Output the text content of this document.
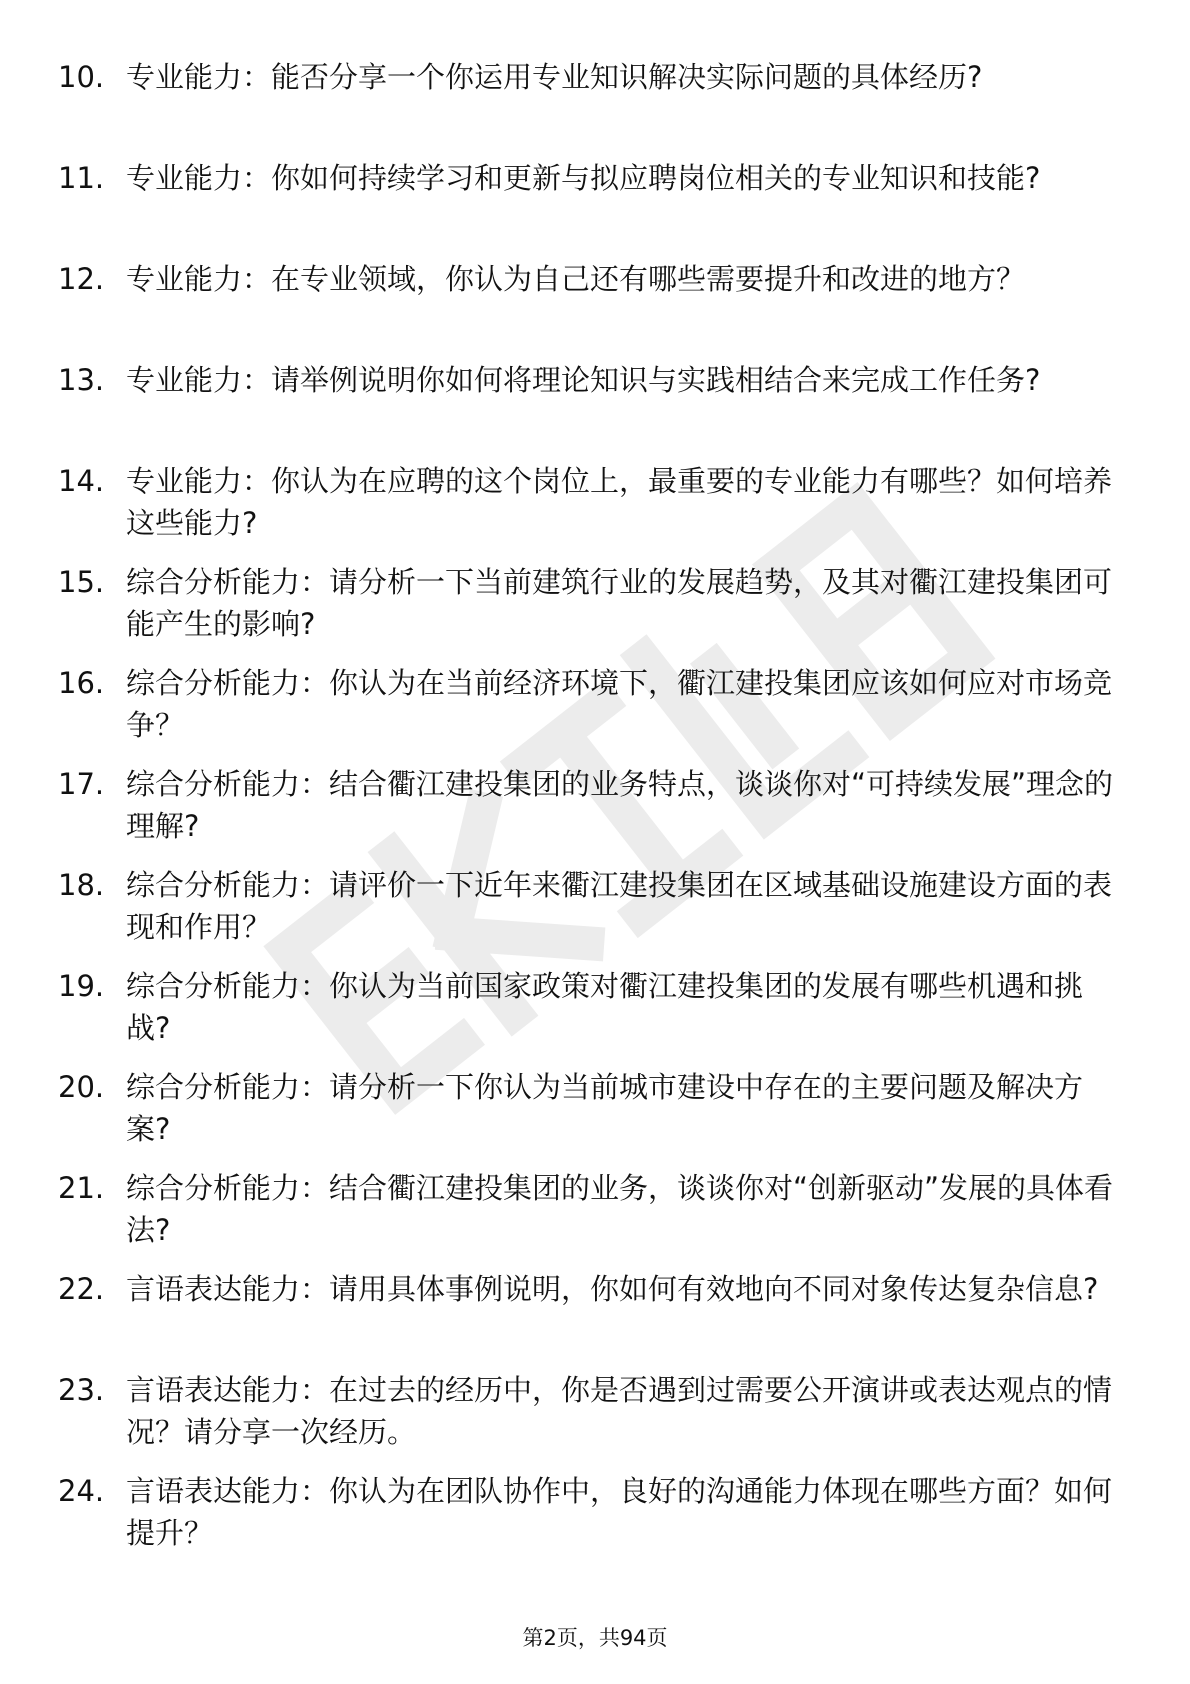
10. 专业能力：能否分享一个你运用专业知识解决实际问题的具体经历?
11. 专业能力：你如何持续学习和更新与拟应聘岗位相关的专业知识和技能?
12. 专业能力：在专业领域，你认为自己还有哪些需要提升和改进的地方？
13. 专业能力：请举例说明你如何将理论知识与实践相结合来完成工作任务?
14. 专业能力：你认为在应聘的这个岗位上，最重要的专业能力有哪些？如何培养这些能力?
15. 综合分析能力：请分析一下当前建筑行业的发展趋势，及其对衢江建投集团可能产生的影响?
16. 综合分析能力：你认为在当前经济环境下，衢江建投集团应该如何应对市场竞争？
17. 综合分析能力：结合衢江建投集团的业务特点，谈谈你对“可持续发展”理念的理解?
18. 综合分析能力：请评价一下近年来衢江建投集团在区域基础设施建设方面的表现和作用？
19. 综合分析能力：你认为当前国家政策对衢江建投集团的发展有哪些机遇和挑战?
20. 综合分析能力：请分析一下你认为当前城市建设中存在的主要问题及解决方案?
21. 综合分析能力：结合衢江建投集团的业务，谈谈你对“创新驱动”发展的具体看法?
22. 言语表达能力：请用具体事例说明，你如何有效地向不同对象传达复杂信息?
23. 言语表达能力：在过去的经历中，你是否遇到过需要公开演讲或表达观点的情况？请分享一次经历。
24. 言语表达能力：你认为在团队协作中，良好的沟通能力体现在哪些方面？如何提升？
第2页，共94页
